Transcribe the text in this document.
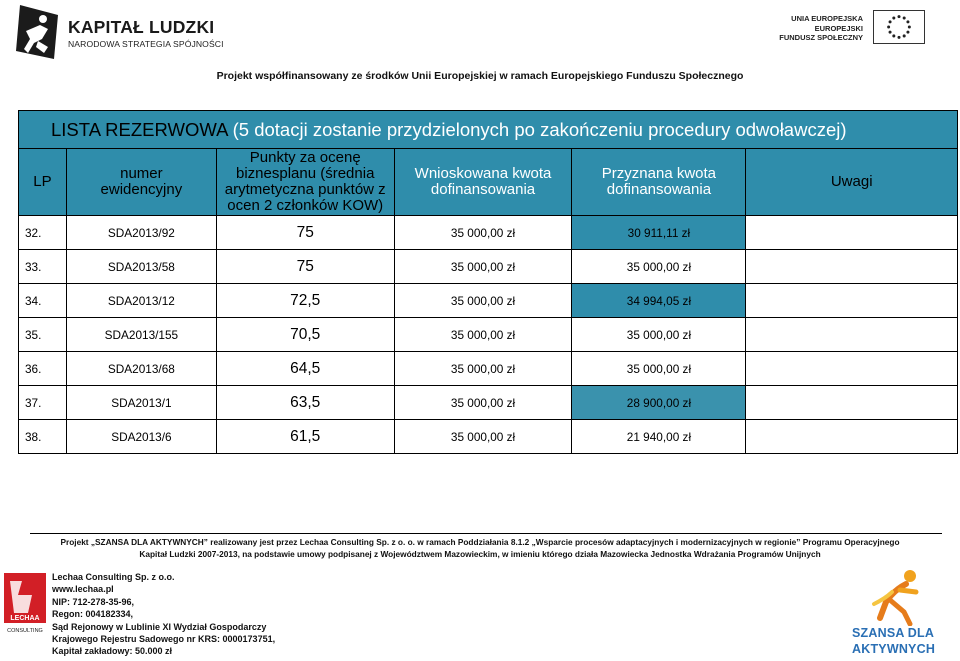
KAPITAŁ LUDZKI
NARODOWA STRATEGIA SPÓJNOŚCI
UNIA EUROPEJSKA
EUROPEJSKI
FUNDUSZ SPOŁECZNY
Projekt współfinansowany ze środków Unii Europejskiej w ramach Europejskiego Funduszu Społecznego
LISTA REZERWOWA (5 dotacji zostanie przydzielonych po zakończeniu procedury odwoławczej)					
LP	numer ewidencyjny	Punkty za ocenę biznesplanu (średnia arytmetyczna punktów z ocen 2 członków KOW)	Wnioskowana kwota dofinansowania	Przyznana kwota dofinansowania	Uwagi
32.	SDA2013/92	75	35 000,00 zł	30 911,11 zł	
33.	SDA2013/58	75	35 000,00 zł	35 000,00 zł	
34.	SDA2013/12	72,5	35 000,00 zł	34 994,05 zł	
35.	SDA2013/155	70,5	35 000,00 zł	35 000,00 zł	
36.	SDA2013/68	64,5	35 000,00 zł	35 000,00 zł	
37.	SDA2013/1	63,5	35 000,00 zł	28 900,00 zł	
38.	SDA2013/6	61,5	35 000,00 zł	21 940,00 zł	
Projekt „SZANSA DLA AKTYWNYCH” realizowany jest przez Lechaa Consulting Sp. z o. o. w ramach Poddziałania 8.1.2 „Wsparcie procesów adaptacyjnych i modernizacyjnych w regionie” Programu Operacyjnego
Kapitał Ludzki 2007-2013, na podstawie umowy podpisanej z Województwem Mazowieckim, w imieniu którego działa Mazowiecka Jednostka Wdrażania Programów Unijnych
LECHAA
CONSULTING
Lechaa Consulting Sp. z o.o.
www.lechaa.pl
NIP: 712-278-35-96,
Regon: 004182334,
Sąd Rejonowy w Lublinie XI Wydział Gospodarczy
Krajowego Rejestru Sadowego nr KRS: 0000173751,
Kapitał zakładowy: 50.000 zł
SZANSA DLA
AKTYWNYCH
